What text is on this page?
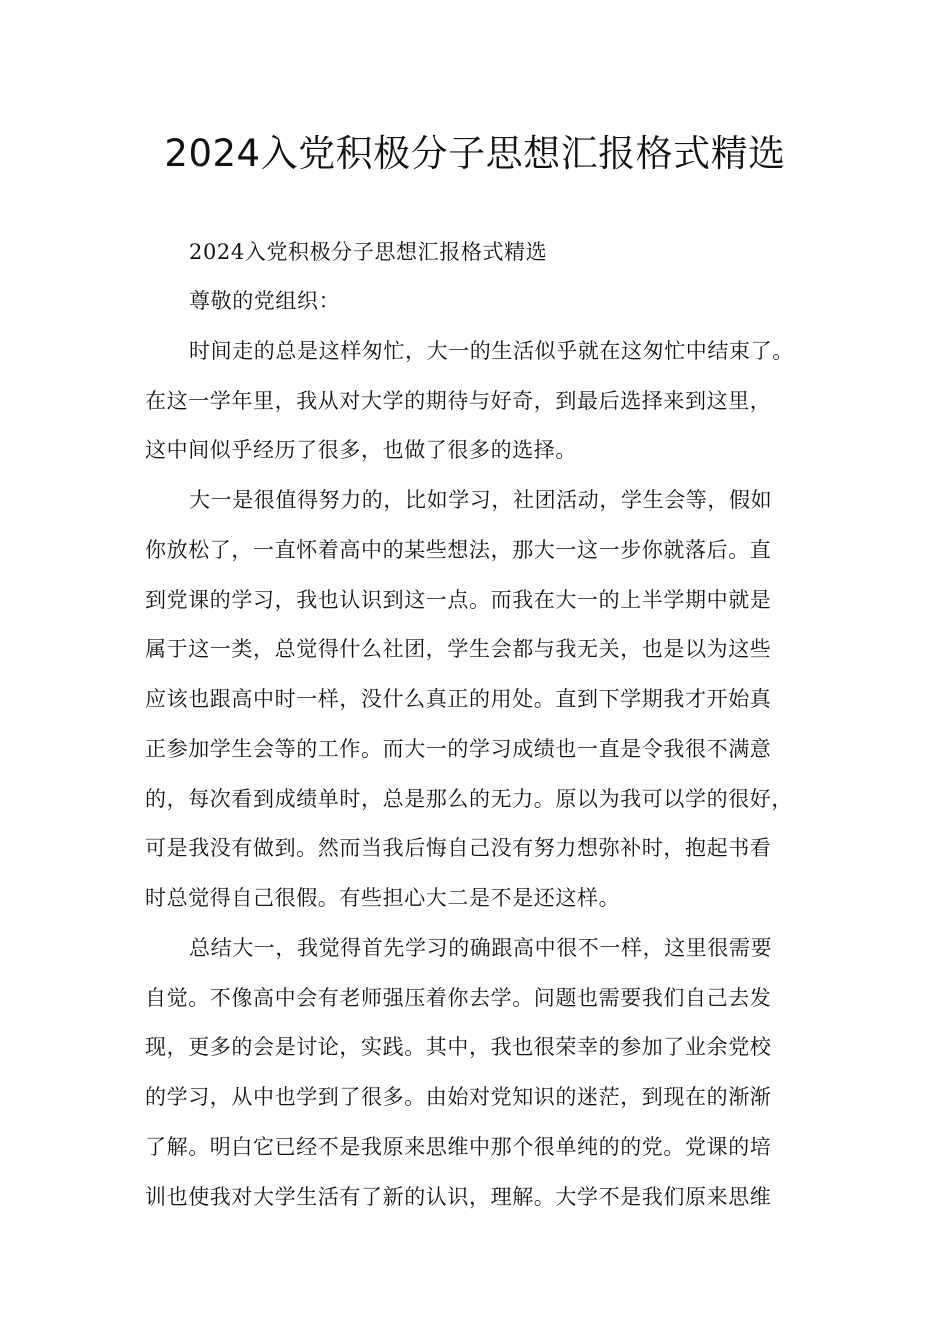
2024入党积极分子思想汇报格式精选
2024入党积极分子思想汇报格式精选
尊敬的党组织：
时间走的总是这样匆忙，大一的生活似乎就在这匆忙中结束了。
在这一学年里，我从对大学的期待与好奇，到最后选择来到这里，
这中间似乎经历了很多，也做了很多的选择。
大一是很值得努力的，比如学习，社团活动，学生会等，假如
你放松了，一直怀着高中的某些想法，那大一这一步你就落后。直
到党课的学习，我也认识到这一点。而我在大一的上半学期中就是
属于这一类，总觉得什么社团，学生会都与我无关，也是以为这些
应该也跟高中时一样，没什么真正的用处。直到下学期我才开始真
正参加学生会等的工作。而大一的学习成绩也一直是令我很不满意
的，每次看到成绩单时，总是那么的无力。原以为我可以学的很好，
可是我没有做到。然而当我后悔自己没有努力想弥补时，抱起书看
时总觉得自己很假。有些担心大二是不是还这样。
总结大一，我觉得首先学习的确跟高中很不一样，这里很需要
自觉。不像高中会有老师强压着你去学。问题也需要我们自己去发
现，更多的会是讨论，实践。其中，我也很荣幸的参加了业余党校
的学习，从中也学到了很多。由始对党知识的迷茫，到现在的渐渐
了解。明白它已经不是我原来思维中那个很单纯的的党。党课的培
训也使我对大学生活有了新的认识，理解。大学不是我们原来思维
